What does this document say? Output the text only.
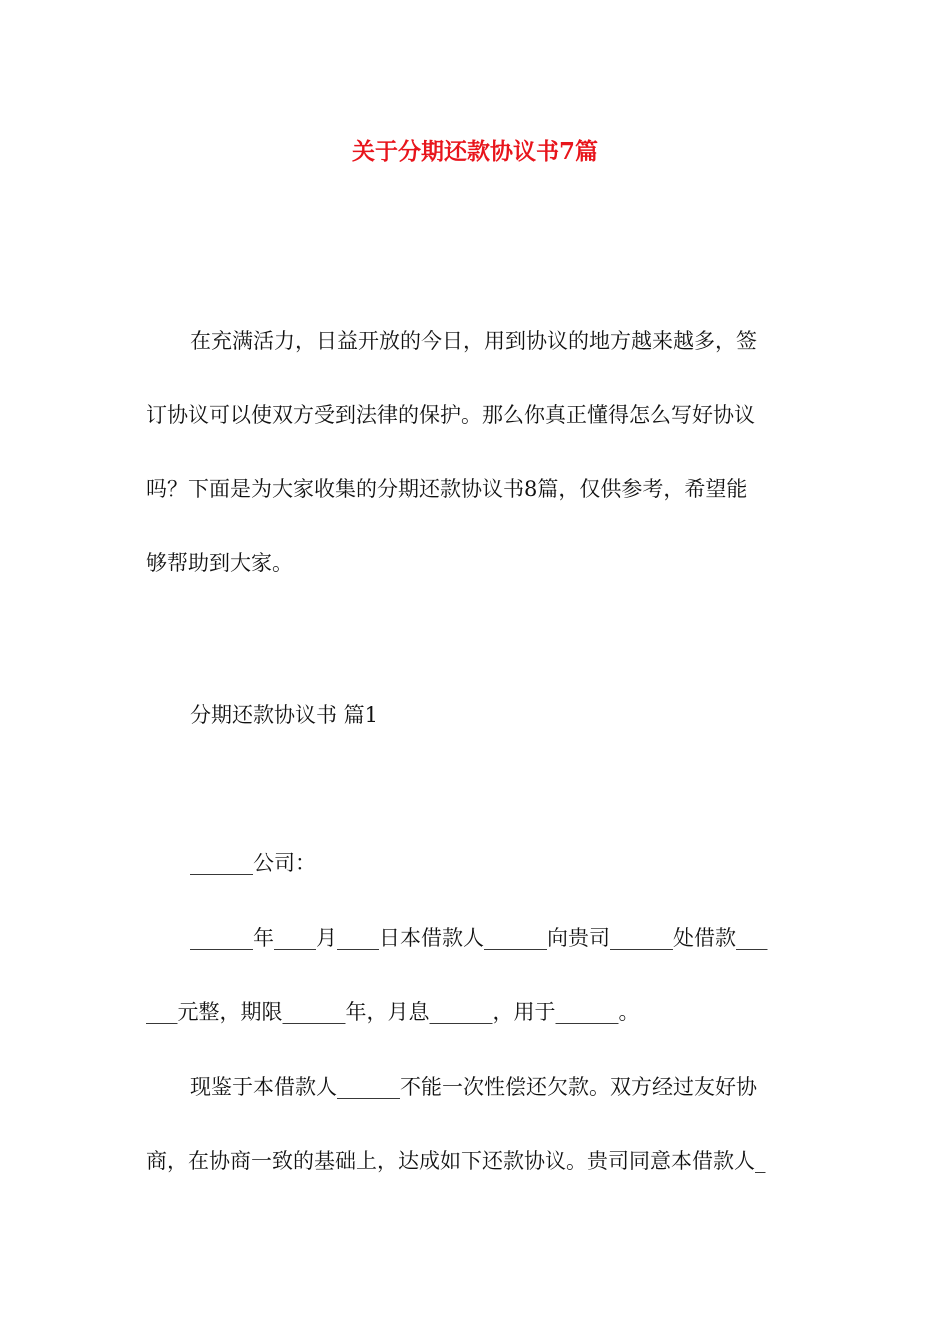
关于分期还款协议书7篇

在充满活力，日益开放的今日，用到协议的地方越来越多，签

订协议可以使双方受到法律的保护。那么你真正懂得怎么写好协议

吗？下面是为大家收集的分期还款协议书8篇，仅供参考，希望能

够帮助到大家。

分期还款协议书 篇1

______公司：

______年____月____日本借款人______向贵司______处借款___

___元整，期限______年，月息______，用于______。

现鉴于本借款人______不能一次性偿还欠款。双方经过友好协

商，在协商一致的基础上，达成如下还款协议。贵司同意本借款人_
